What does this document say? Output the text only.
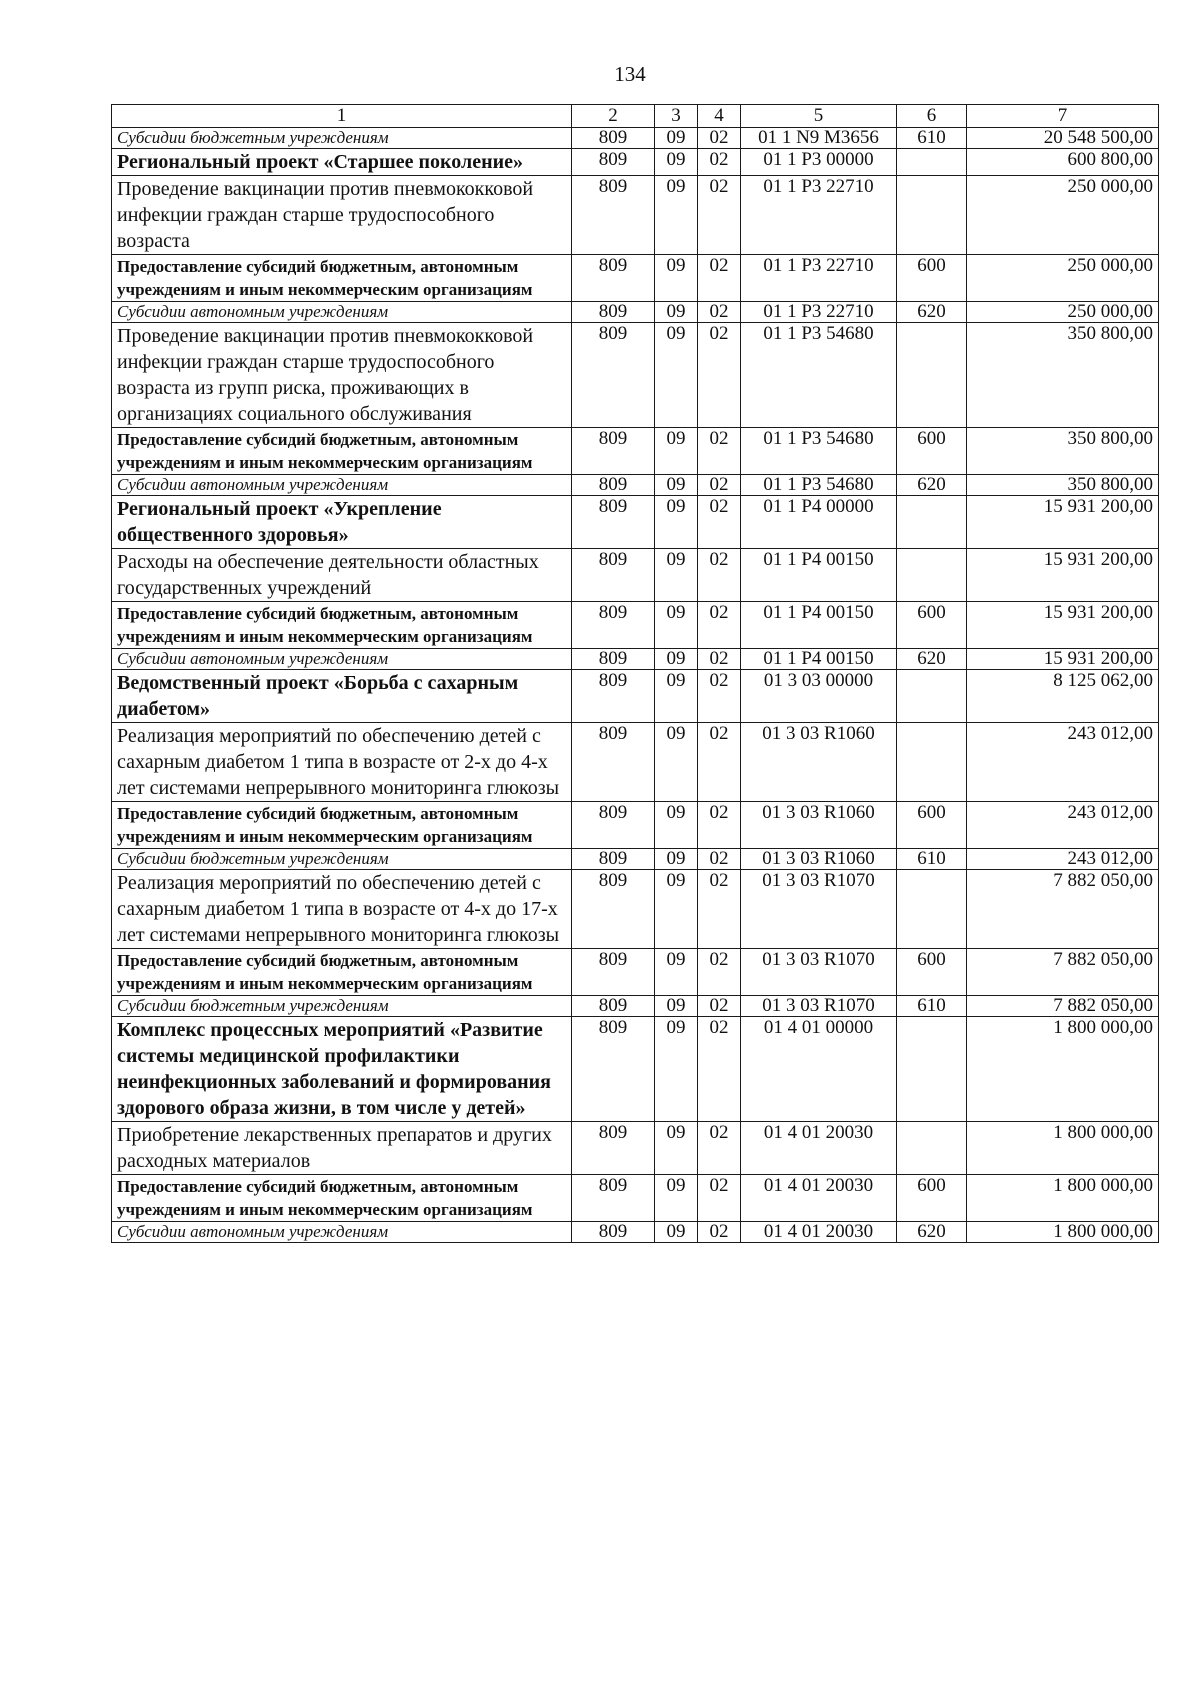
134
1	2	3	4	5	6	7
Субсидии бюджетным учреждениям	809	09	02	01 1 N9 М3656	610	20 548 500,00
Региональный проект «Старшее поколение»	809	09	02	01 1 Р3 00000		600 800,00
Проведение вакцинации против пневмококковой инфекции граждан старше трудоспособного возраста	809	09	02	01 1 Р3 22710		250 000,00
Предоставление субсидий бюджетным, автономным учреждениям и иным некоммерческим организациям	809	09	02	01 1 Р3 22710	600	250 000,00
Субсидии автономным учреждениям	809	09	02	01 1 Р3 22710	620	250 000,00
Проведение вакцинации против пневмококковой инфекции граждан старше трудоспособного возраста из групп риска, проживающих в организациях социального обслуживания	809	09	02	01 1 Р3 54680		350 800,00
Предоставление субсидий бюджетным, автономным учреждениям и иным некоммерческим организациям	809	09	02	01 1 Р3 54680	600	350 800,00
Субсидии автономным учреждениям	809	09	02	01 1 Р3 54680	620	350 800,00
Региональный проект «Укрепление общественного здоровья»	809	09	02	01 1 Р4 00000		15 931 200,00
Расходы на обеспечение деятельности областных государственных учреждений	809	09	02	01 1 Р4 00150		15 931 200,00
Предоставление субсидий бюджетным, автономным учреждениям и иным некоммерческим организациям	809	09	02	01 1 Р4 00150	600	15 931 200,00
Субсидии автономным учреждениям	809	09	02	01 1 Р4 00150	620	15 931 200,00
Ведомственный проект «Борьба с сахарным диабетом»	809	09	02	01 3 03 00000		8 125 062,00
Реализация мероприятий по обеспечению детей с сахарным диабетом 1 типа в возрасте от 2-х до 4-х лет системами непрерывного мониторинга глюкозы	809	09	02	01 3 03 R1060		243 012,00
Предоставление субсидий бюджетным, автономным учреждениям и иным некоммерческим организациям	809	09	02	01 3 03 R1060	600	243 012,00
Субсидии бюджетным учреждениям	809	09	02	01 3 03 R1060	610	243 012,00
Реализация мероприятий по обеспечению детей с сахарным диабетом 1 типа в возрасте от 4-х до 17-х лет системами непрерывного мониторинга глюкозы	809	09	02	01 3 03 R1070		7 882 050,00
Предоставление субсидий бюджетным, автономным учреждениям и иным некоммерческим организациям	809	09	02	01 3 03 R1070	600	7 882 050,00
Субсидии бюджетным учреждениям	809	09	02	01 3 03 R1070	610	7 882 050,00
Комплекс процессных мероприятий «Развитие системы медицинской профилактики неинфекционных заболеваний и формирования здорового образа жизни, в том числе у детей»	809	09	02	01 4 01 00000		1 800 000,00
Приобретение лекарственных препаратов и других расходных материалов	809	09	02	01 4 01 20030		1 800 000,00
Предоставление субсидий бюджетным, автономным учреждениям и иным некоммерческим организациям	809	09	02	01 4 01 20030	600	1 800 000,00
Субсидии автономным учреждениям	809	09	02	01 4 01 20030	620	1 800 000,00
